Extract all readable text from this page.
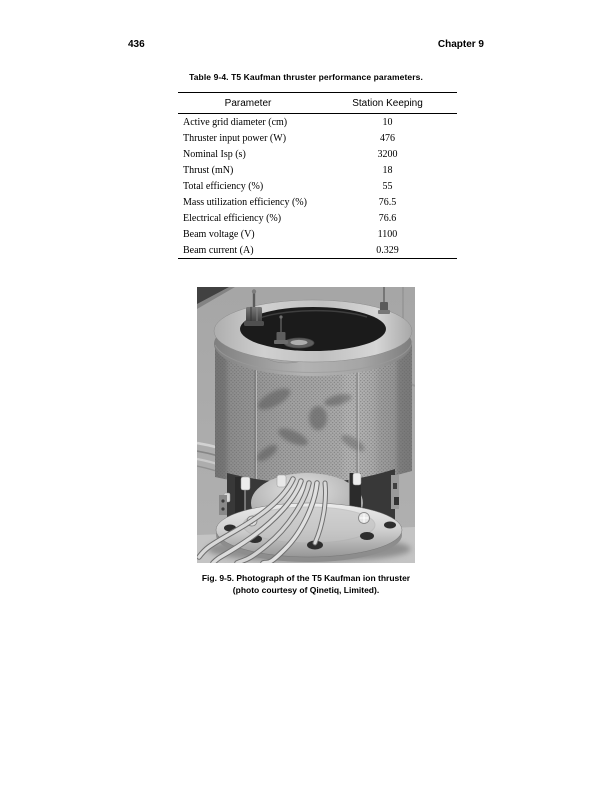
436	Chapter 9
Table 9-4. T5 Kaufman thruster performance parameters.
Parameter	Station Keeping
Active grid diameter (cm)	10
Thruster input power (W)	476
Nominal Isp (s)	3200
Thrust (mN)	18
Total efficiency (%)	55
Mass utilization efficiency (%)	76.5
Electrical efficiency (%)	76.6
Beam voltage (V)	1100
Beam current (A)	0.329
Fig. 9-5. Photograph of the T5 Kaufman ion thruster
(photo courtesy of Qinetiq, Limited).
